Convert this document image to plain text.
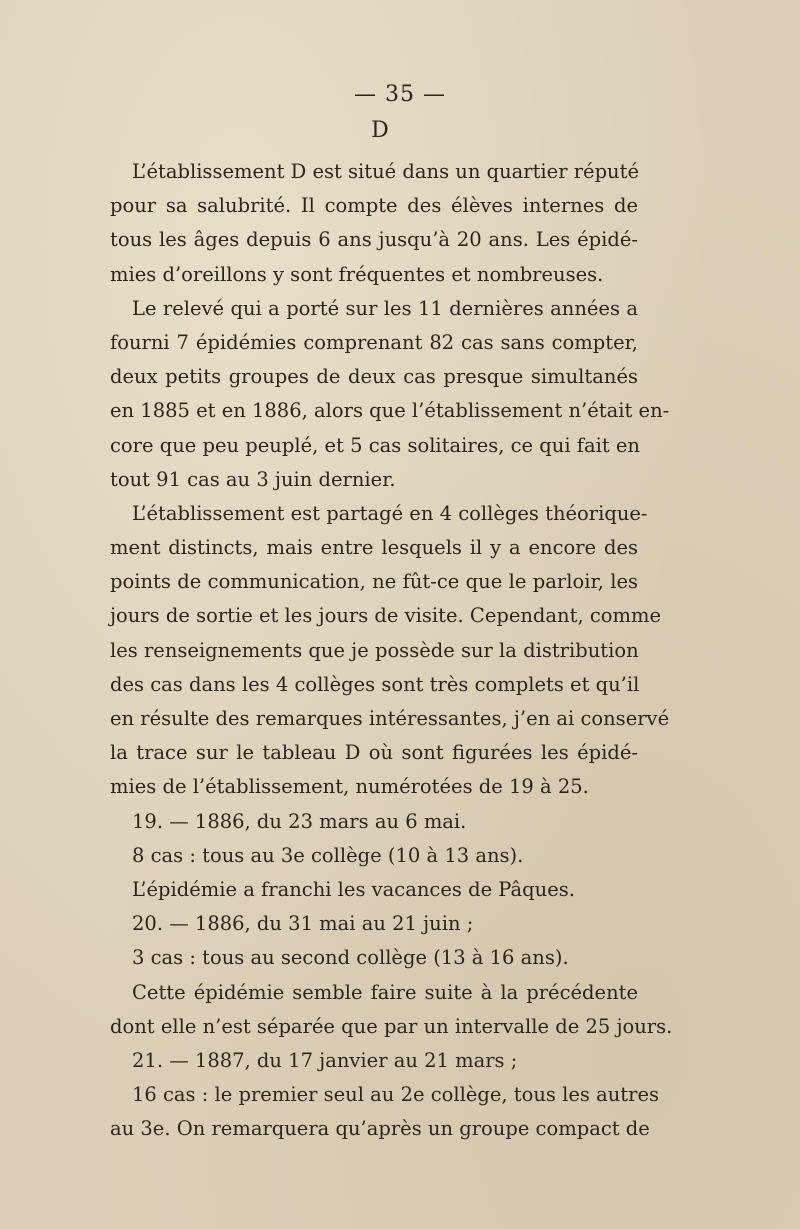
— 35 —
D
L’établissement D est situé dans un quartier réputé
pour sa salubrité. Il compte des élèves internes de
tous les âges depuis 6 ans jusqu’à 20 ans. Les épidé-
mies d’oreillons y sont fréquentes et nombreuses.
Le relevé qui a porté sur les 11 dernières années a
fourni 7 épidémies comprenant 82 cas sans compter,
deux petits groupes de deux cas presque simultanés
en 1885 et en 1886, alors que l’établissement n’était en-
core que peu peuplé, et 5 cas solitaires, ce qui fait en
tout 91 cas au 3 juin dernier.
L’établissement est partagé en 4 collèges théorique-
ment distincts, mais entre lesquels il y a encore des
points de communication, ne fût-ce que le parloir, les
jours de sortie et les jours de visite. Cependant, comme
les renseignements que je possède sur la distribution
des cas dans les 4 collèges sont très complets et qu’il
en résulte des remarques intéressantes, j’en ai conservé
la trace sur le tableau D où sont figurées les épidé-
mies de l’établissement, numérotées de 19 à 25.
19. — 1886, du 23 mars au 6 mai.
8 cas : tous au 3e collège (10 à 13 ans).
L’épidémie a franchi les vacances de Pâques.
20. — 1886, du 31 mai au 21 juin ;
3 cas : tous au second collège (13 à 16 ans).
Cette épidémie semble faire suite à la précédente
dont elle n’est séparée que par un intervalle de 25 jours.
21. — 1887, du 17 janvier au 21 mars ;
16 cas : le premier seul au 2e collège, tous les autres
au 3e. On remarquera qu’après un groupe compact de
